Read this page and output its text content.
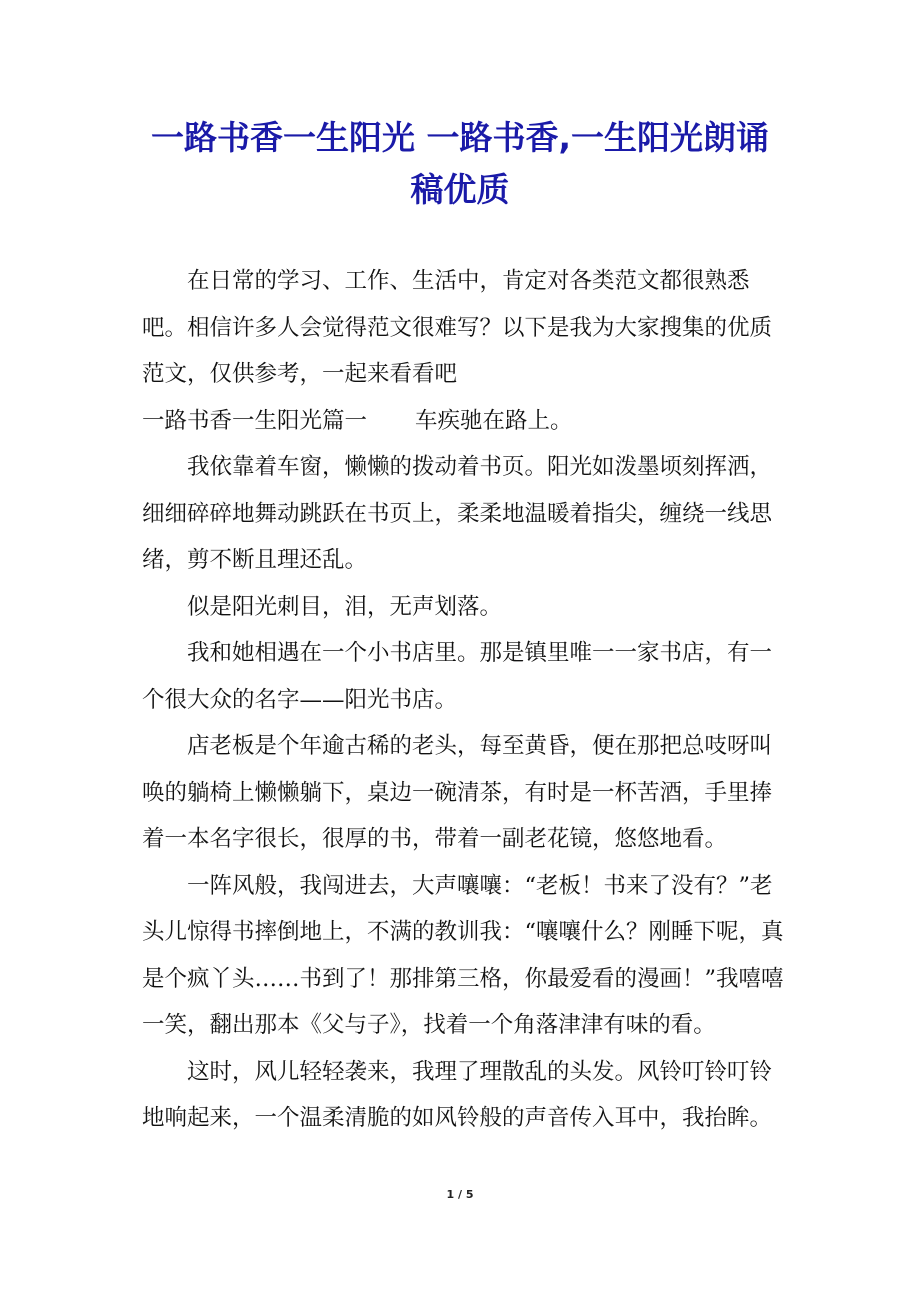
一路书香一生阳光 一路书香,一生阳光朗诵稿优质

在日常的学习、工作、生活中，肯定对各类范文都很熟悉吧。相信许多人会觉得范文很难写？以下是我为大家搜集的优质范文，仅供参考，一起来看看吧

一路书香一生阳光篇一 车疾驰在路上。

我依靠着车窗，懒懒的拨动着书页。阳光如泼墨顷刻挥洒，细细碎碎地舞动跳跃在书页上，柔柔地温暖着指尖，缠绕一线思绪，剪不断且理还乱。

似是阳光刺目，泪，无声划落。

我和她相遇在一个小书店里。那是镇里唯一一家书店，有一个很大众的名字——阳光书店。

店老板是个年逾古稀的老头，每至黄昏，便在那把总吱呀叫唤的躺椅上懒懒躺下，桌边一碗清茶，有时是一杯苦酒，手里捧着一本名字很长，很厚的书，带着一副老花镜，悠悠地看。

一阵风般，我闯进去，大声嚷嚷：“老板！书来了没有？”老头儿惊得书摔倒地上，不满的教训我：“嚷嚷什么？刚睡下呢，真是个疯丫头……书到了！那排第三格，你最爱看的漫画！”我嘻嘻一笑，翻出那本《父与子》，找着一个角落津津有味的看。

这时，风儿轻轻袭来，我理了理散乱的头发。风铃叮铃叮铃地响起来，一个温柔清脆的如风铃般的声音传入耳中，我抬眸。

1 / 5
